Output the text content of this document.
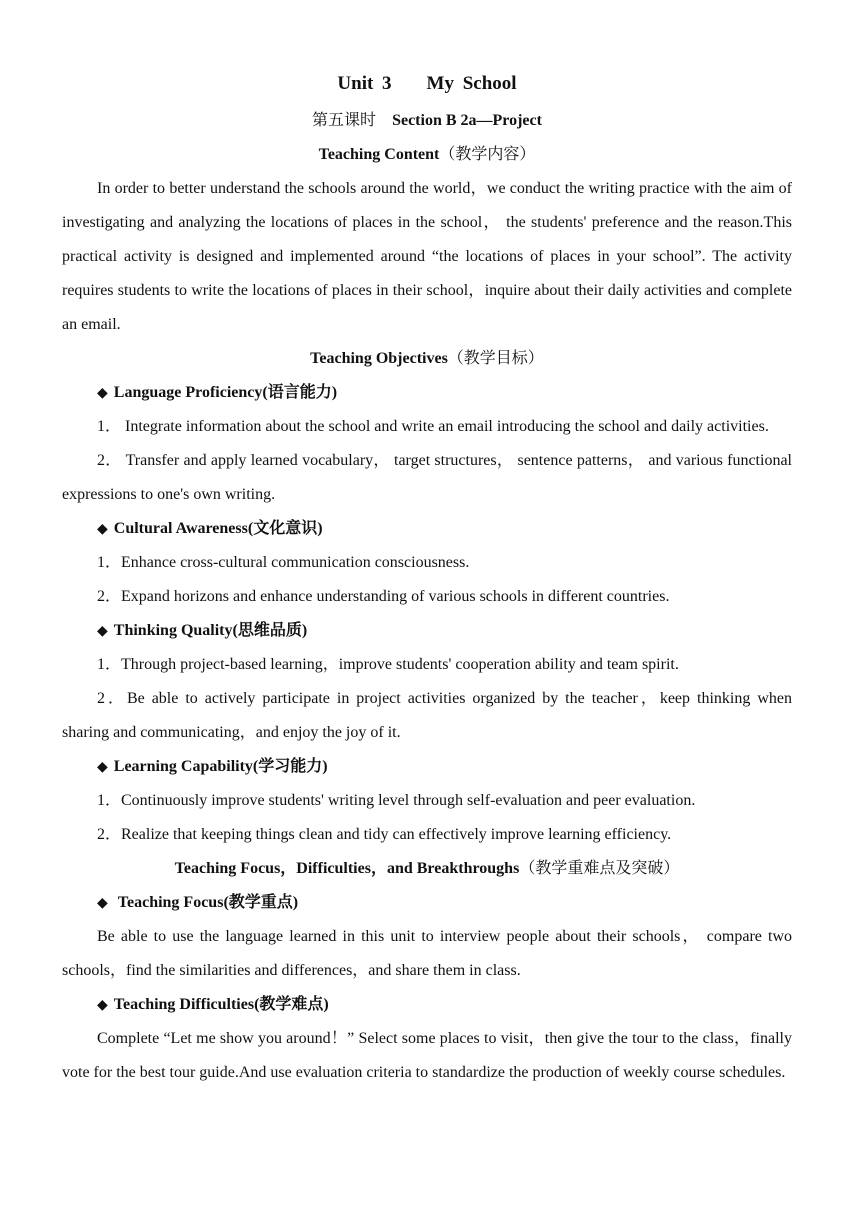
Unit 3    My School
第五课时 Section B 2a—Project
Teaching Content（教学内容）
In order to better understand the schools around the world，we conduct the writing practice with the aim of investigating and analyzing the locations of places in the school， the students' preference and the reason.This practical activity is designed and implemented around “the locations of places in your school”. The activity requires students to write the locations of places in their school，inquire about their daily activities and complete an email.
Teaching Objectives（教学目标）
◆ Language Proficiency(语言能力)
1． Integrate information about the school and write an email introducing the school and daily activities.
2． Transfer and apply learned vocabulary， target structures， sentence patterns， and various functional expressions to one's own writing.
◆ Cultural Awareness(文化意识)
1．Enhance cross‑cultural communication consciousness.
2．Expand horizons and enhance understanding of various schools in different countries.
◆ Thinking Quality(思维品质)
1．Through project‑based learning，improve students' cooperation ability and team spirit.
2．Be able to actively participate in project activities organized by the teacher，keep thinking when sharing and communicating，and enjoy the joy of it.
◆ Learning Capability(学习能力)
1．Continuously improve students' writing level through self‑evaluation and peer evaluation.
2．Realize that keeping things clean and tidy can effectively improve learning efficiency.
Teaching Focus，Difficulties，and Breakthroughs（教学重难点及突破）
◆ Teaching Focus(教学重点)
Be able to use the language learned in this unit to interview people about their schools， compare two schools，find the similarities and differences，and share them in class.
◆ Teaching Difficulties(教学难点)
Complete “Let me show you around！” Select some places to visit，then give the tour to the class，finally vote for the best tour guide.And use evaluation criteria to standardize the production of weekly course schedules.
